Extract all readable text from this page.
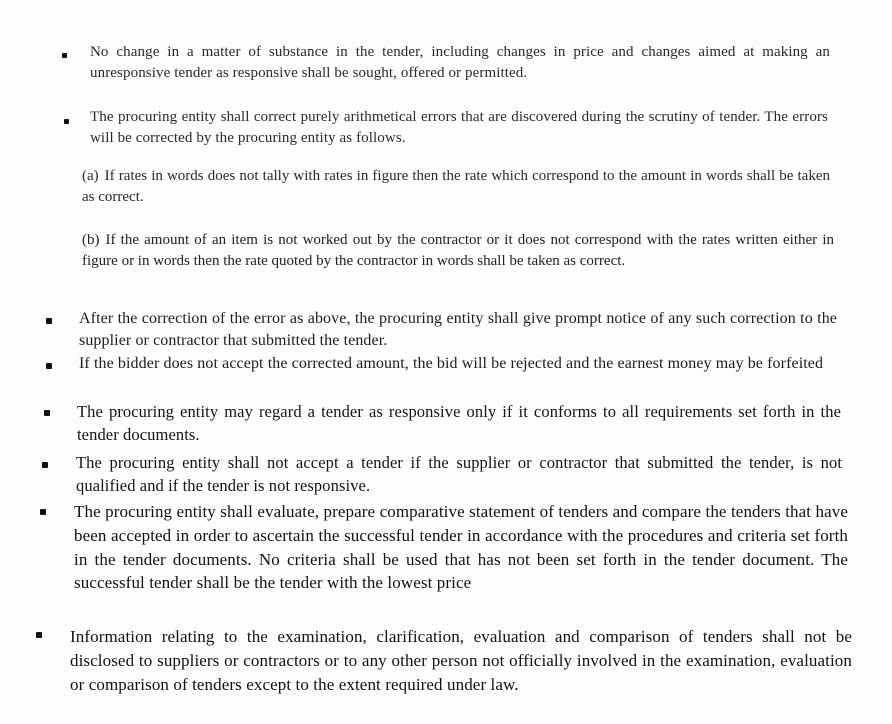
No change in a matter of substance in the tender, including changes in price and changes aimed at making an unresponsive tender as responsive shall be sought, offered or permitted.
The procuring entity shall correct purely arithmetical errors that are discovered during the scrutiny of tender. The errors will be corrected by the procuring entity as follows.
(a) If rates in words does not tally with rates in figure then the rate which correspond to the amount in words shall be taken as correct.
(b) If the amount of an item is not worked out by the contractor or it does not correspond with the rates written either in figure or in words then the rate quoted by the contractor in words shall be taken as correct.
After the correction of the error as above, the procuring entity shall give prompt notice of any such correction to the supplier or contractor that submitted the tender.
If the bidder does not accept the corrected amount, the bid will be rejected and the earnest money may be forfeited
The procuring entity may regard a tender as responsive only if it conforms to all requirements set forth in the tender documents.
The procuring entity shall not accept a tender if the supplier or contractor that submitted the tender, is not qualified and if the tender is not responsive.
The procuring entity shall evaluate, prepare comparative statement of tenders and compare the tenders that have been accepted in order to ascertain the successful tender in accordance with the procedures and criteria set forth in the tender documents. No criteria shall be used that has not been set forth in the tender document. The successful tender shall be the tender with the lowest price
Information relating to the examination, clarification, evaluation and comparison of tenders shall not be disclosed to suppliers or contractors or to any other person not officially involved in the examination, evaluation or comparison of tenders except to the extent required under law.
